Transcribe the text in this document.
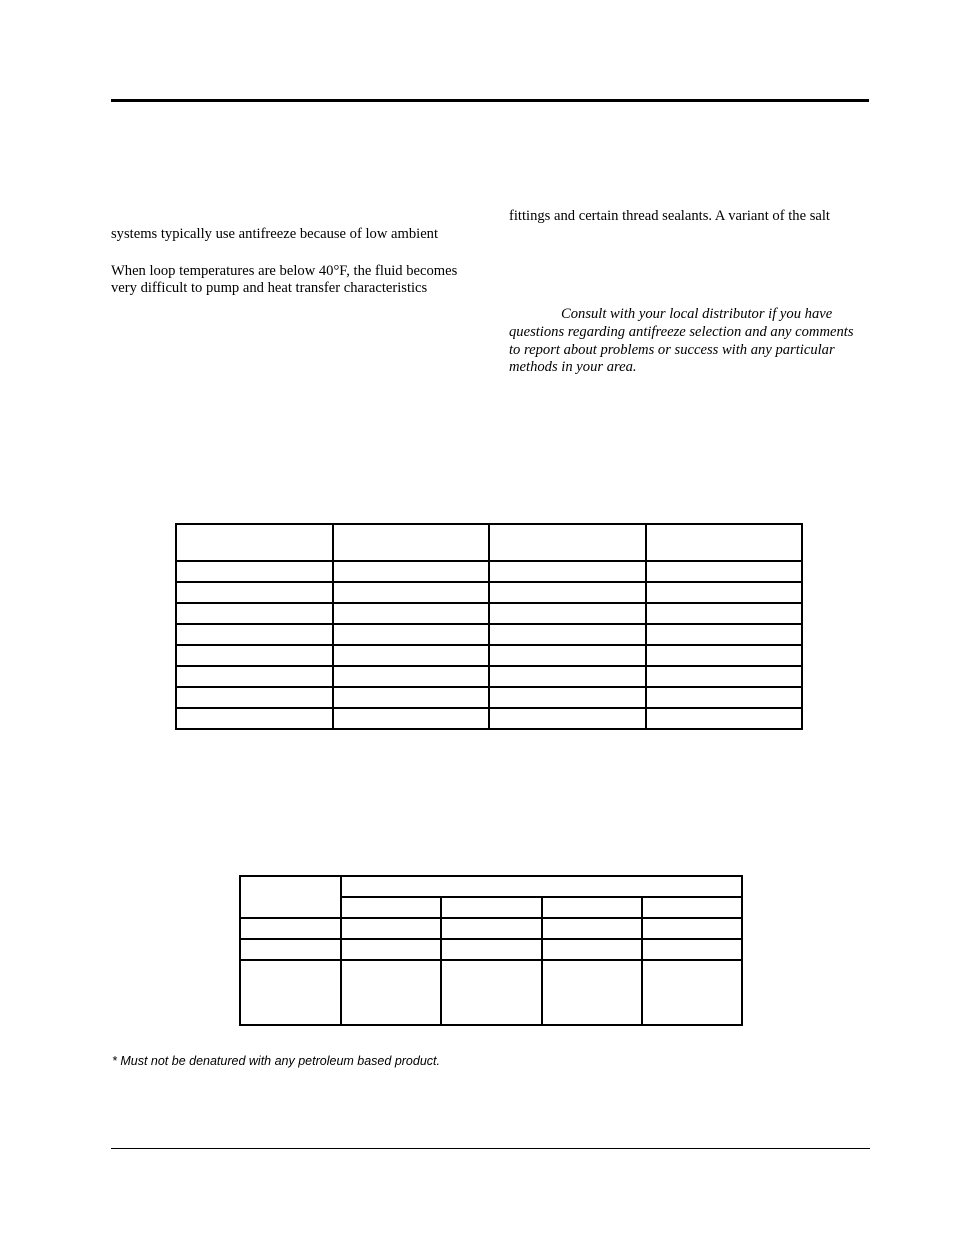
systems typically use antifreeze because of low ambient

When loop temperatures are below 40°F, the fluid becomes

very difficult to pump and heat transfer characteristics

fittings and certain thread sealants. A variant of the salt

Consult with your local distributor if you have

questions regarding antifreeze selection and any comments

to report about problems or success with any particular

methods in your area.

* Must not be denatured with any petroleum based product.
